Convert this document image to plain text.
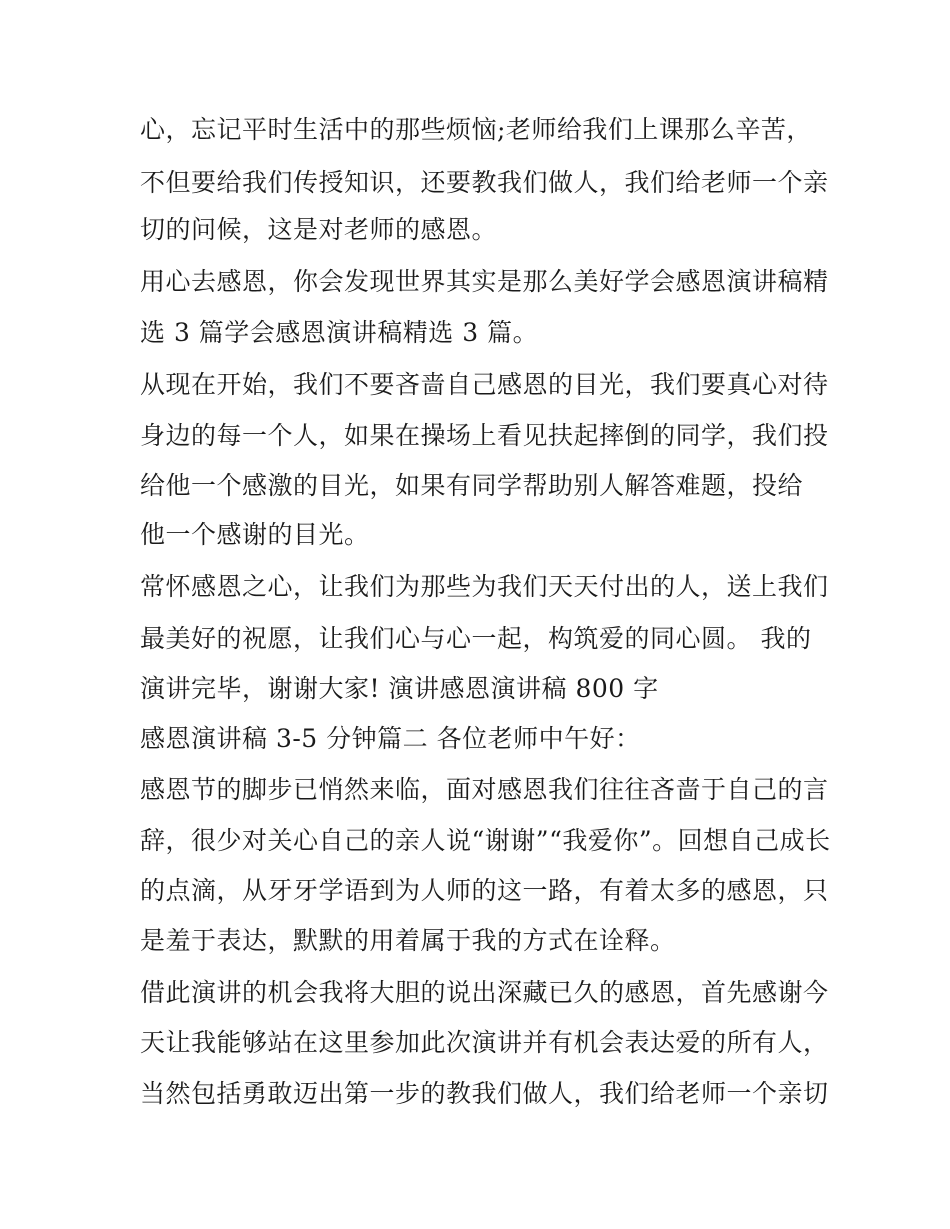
心，忘记平时生活中的那些烦恼;老师给我们上课那么辛苦，
不但要给我们传授知识，还要教我们做人，我们给老师一个亲
切的问候，这是对老师的感恩。
用心去感恩，你会发现世界其实是那么美好学会感恩演讲稿精
选 3 篇学会感恩演讲稿精选 3 篇。
从现在开始，我们不要吝啬自己感恩的目光，我们要真心对待
身边的每一个人，如果在操场上看见扶起摔倒的同学，我们投
给他一个感激的目光，如果有同学帮助别人解答难题，投给
他一个感谢的目光。
常怀感恩之心，让我们为那些为我们天天付出的人，送上我们
最美好的祝愿，让我们心与心一起，构筑爱的同心圆。 我的
演讲完毕，谢谢大家! 演讲感恩演讲稿 800 字
感恩演讲稿 3-5 分钟篇二 各位老师中午好：
感恩节的脚步已悄然来临，面对感恩我们往往吝啬于自己的言
辞，很少对关心自己的亲人说“谢谢”“我爱你”。回想自己成长
的点滴，从牙牙学语到为人师的这一路，有着太多的感恩，只
是羞于表达，默默的用着属于我的方式在诠释。
借此演讲的机会我将大胆的说出深藏已久的感恩，首先感谢今
天让我能够站在这里参加此次演讲并有机会表达爱的所有人，
当然包括勇敢迈出第一步的教我们做人，我们给老师一个亲切
